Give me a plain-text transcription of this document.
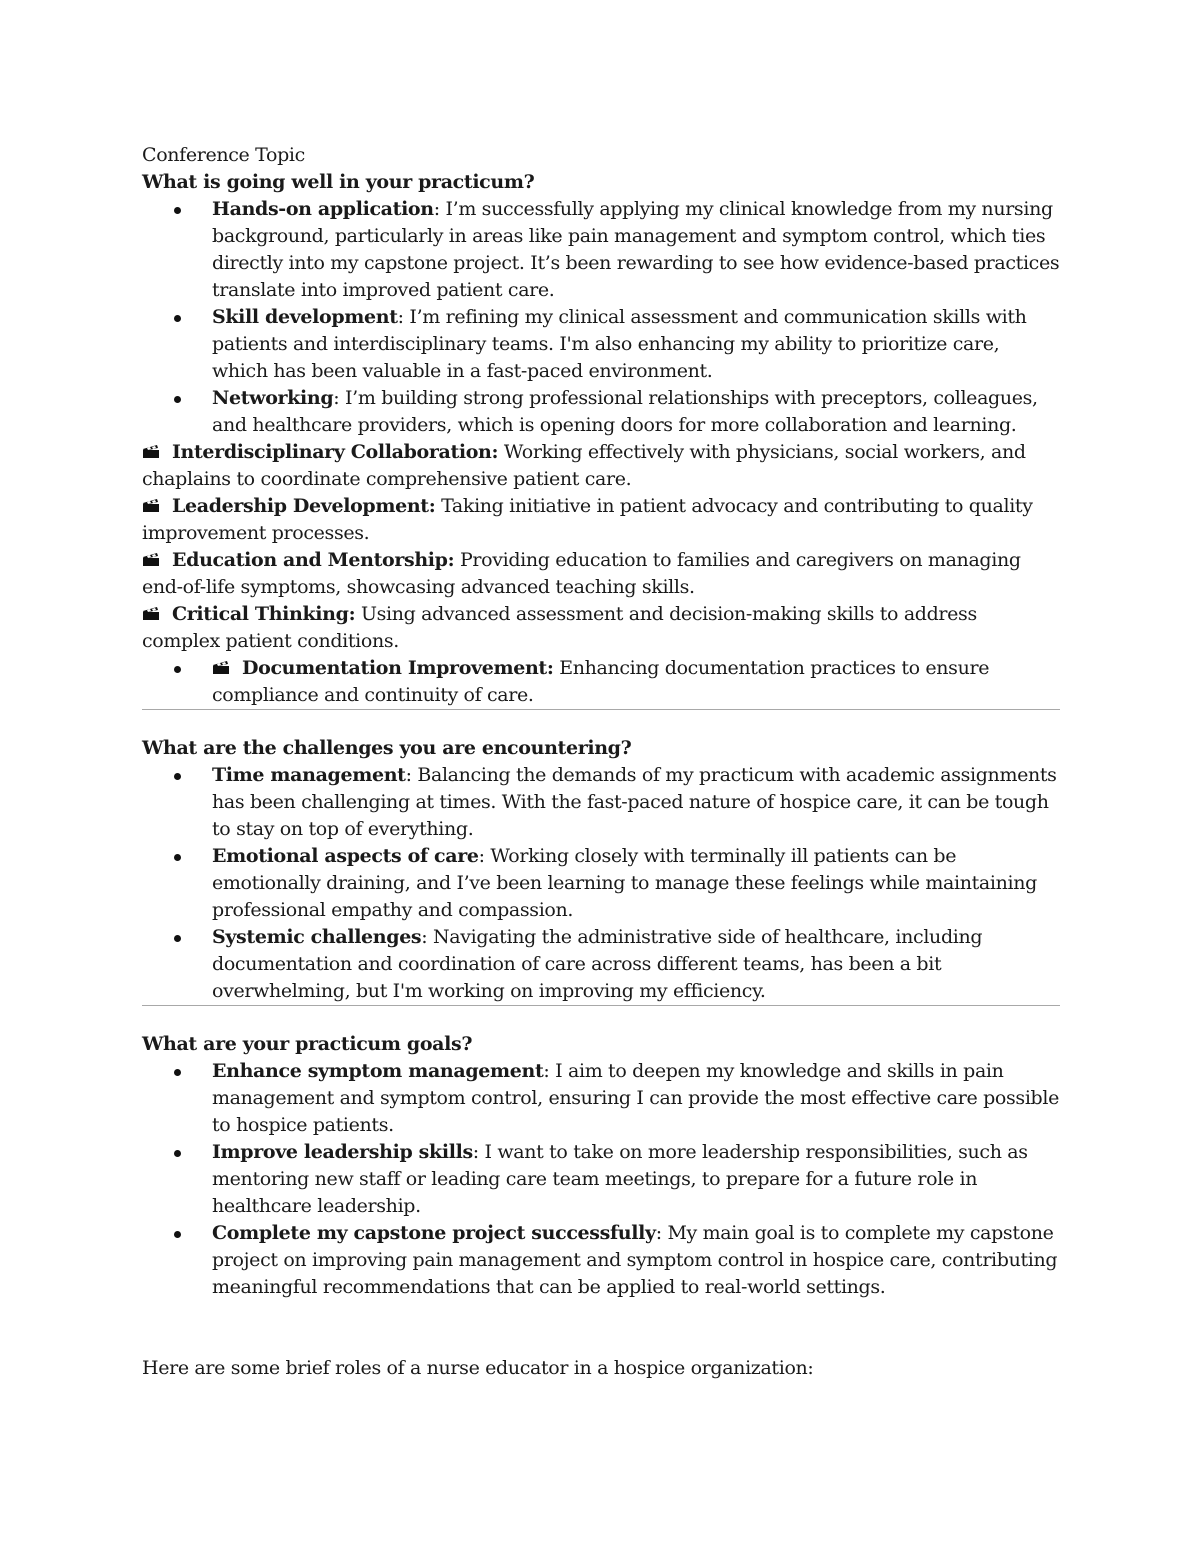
Conference Topic

What is going well in your practicum?

Hands-on application: I’m successfully applying my clinical knowledge from my nursing background, particularly in areas like pain management and symptom control, which ties directly into my capstone project. It’s been rewarding to see how evidence-based practices translate into improved patient care.
Skill development: I’m refining my clinical assessment and communication skills with patients and interdisciplinary teams. I'm also enhancing my ability to prioritize care, which has been valuable in a fast-paced environment.
Networking: I’m building strong professional relationships with preceptors, colleagues, and healthcare providers, which is opening doors for more collaboration and learning.

Interdisciplinary Collaboration: Working effectively with physicians, social workers, and chaplains to coordinate comprehensive patient care.

Leadership Development: Taking initiative in patient advocacy and contributing to quality improvement processes.

Education and Mentorship: Providing education to families and caregivers on managing end-of-life symptoms, showcasing advanced teaching skills.

Critical Thinking: Using advanced assessment and decision-making skills to address complex patient conditions.

Documentation Improvement: Enhancing documentation practices to ensure compliance and continuity of care.

What are the challenges you are encountering?

Time management: Balancing the demands of my practicum with academic assignments has been challenging at times. With the fast-paced nature of hospice care, it can be tough to stay on top of everything.
Emotional aspects of care: Working closely with terminally ill patients can be emotionally draining, and I’ve been learning to manage these feelings while maintaining professional empathy and compassion.
Systemic challenges: Navigating the administrative side of healthcare, including documentation and coordination of care across different teams, has been a bit overwhelming, but I'm working on improving my efficiency.

What are your practicum goals?

Enhance symptom management: I aim to deepen my knowledge and skills in pain management and symptom control, ensuring I can provide the most effective care possible to hospice patients.
Improve leadership skills: I want to take on more leadership responsibilities, such as mentoring new staff or leading care team meetings, to prepare for a future role in healthcare leadership.
Complete my capstone project successfully: My main goal is to complete my capstone project on improving pain management and symptom control in hospice care, contributing meaningful recommendations that can be applied to real-world settings.

Here are some brief roles of a nurse educator in a hospice organization:
